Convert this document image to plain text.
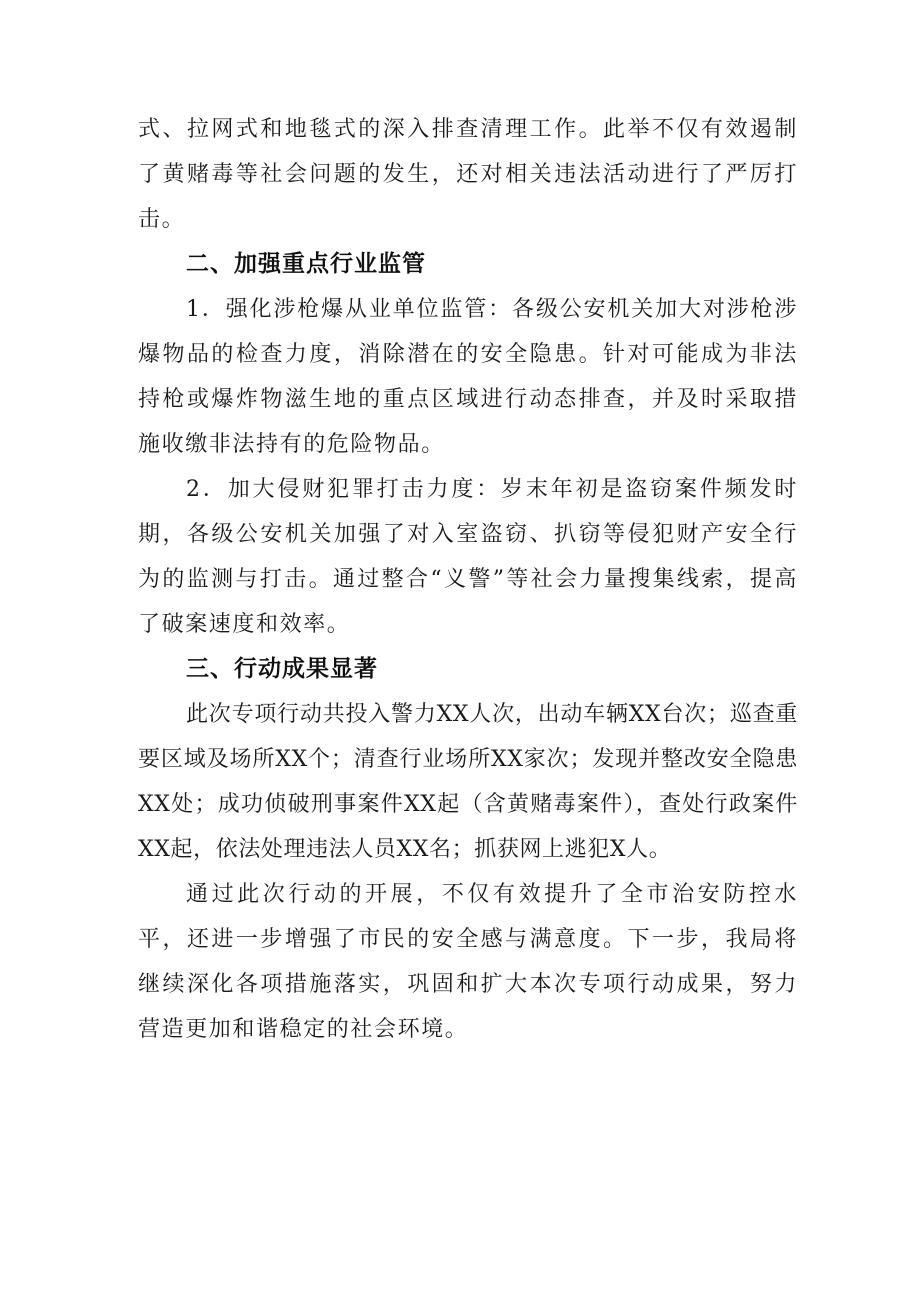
式、拉网式和地毯式的深入排查清理工作。此举不仅有效遏制了黄赌毒等社会问题的发生，还对相关违法活动进行了严厉打击。

二、加强重点行业监管

1．强化涉枪爆从业单位监管：各级公安机关加大对涉枪涉爆物品的检查力度，消除潜在的安全隐患。针对可能成为非法持枪或爆炸物滋生地的重点区域进行动态排查，并及时采取措施收缴非法持有的危险物品。

2．加大侵财犯罪打击力度：岁末年初是盗窃案件频发时期，各级公安机关加强了对入室盗窃、扒窃等侵犯财产安全行为的监测与打击。通过整合“义警”等社会力量搜集线索，提高了破案速度和效率。

三、行动成果显著

此次专项行动共投入警力XX人次，出动车辆XX台次；巡查重要区域及场所XX个；清查行业场所XX家次；发现并整改安全隐患XX处；成功侦破刑事案件XX起（含黄赌毒案件），查处行政案件XX起，依法处理违法人员XX名；抓获网上逃犯X人。

通过此次行动的开展，不仅有效提升了全市治安防控水平，还进一步增强了市民的安全感与满意度。下一步，我局将继续深化各项措施落实，巩固和扩大本次专项行动成果，努力营造更加和谐稳定的社会环境。
